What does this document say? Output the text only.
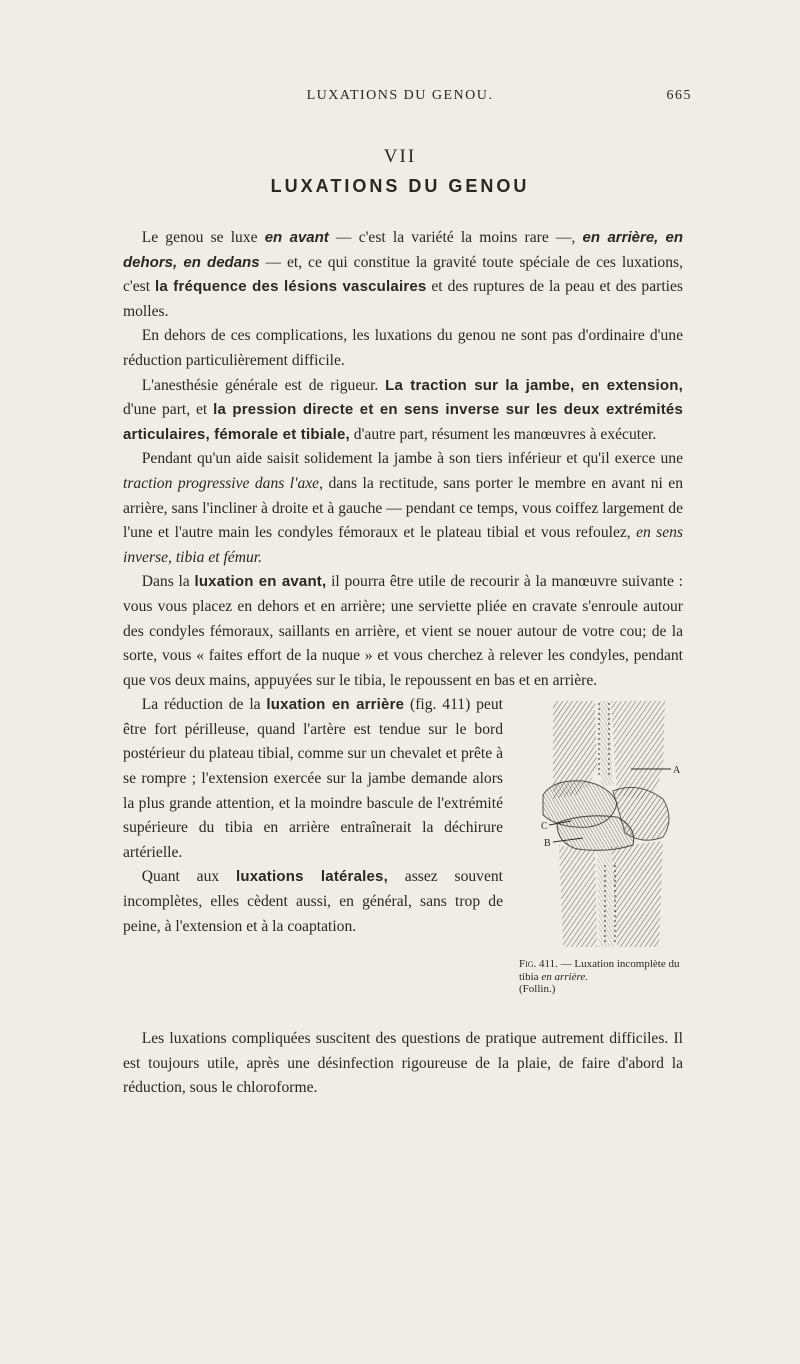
LUXATIONS DU GENOU.	665
VII
LUXATIONS DU GENOU

Le genou se luxe en avant — c'est la variété la moins rare —, en arrière, en dehors, en dedans — et, ce qui constitue la gravité toute spéciale de ces luxations, c'est la fréquence des lésions vasculaires et des ruptures de la peau et des parties molles.

En dehors de ces complications, les luxations du genou ne sont pas d'ordinaire d'une réduction particulièrement difficile.

L'anesthésie générale est de rigueur. La traction sur la jambe, en extension, d'une part, et la pression directe et en sens inverse sur les deux extrémités articulaires, fémorale et tibiale, d'autre part, résument les manœuvres à exécuter.

Pendant qu'un aide saisit solidement la jambe à son tiers inférieur et qu'il exerce une traction progressive dans l'axe, dans la rectitude, sans porter le membre en avant ni en arrière, sans l'incliner à droite et à gauche — pendant ce temps, vous coiffez largement de l'une et l'autre main les condyles fémoraux et le plateau tibial et vous refoulez, en sens inverse, tibia et fémur.

Dans la luxation en avant, il pourra être utile de recourir à la manœuvre suivante : vous vous placez en dehors et en arrière; une serviette pliée en cravate s'enroule autour des condyles fémoraux, saillants en arrière, et vient se nouer autour de votre cou; de la sorte, vous « faites effort de la nuque » et vous cherchez à relever les condyles, pendant que vos deux mains, appuyées sur le tibia, le repoussent en bas et en arrière.

A
C
B
Fig. 411. — Luxation incomplète du tibia en arrière.
(Follin.)

La réduction de la luxation en arrière (fig. 411) peut être fort périlleuse, quand l'artère est tendue sur le bord postérieur du plateau tibial, comme sur un chevalet et prête à se rompre ; l'extension exercée sur la jambe demande alors la plus grande attention, et la moindre bascule de l'extrémité supérieure du tibia en arrière entraînerait la déchirure artérielle.

Quant aux luxations latérales, assez souvent incomplètes, elles cèdent aussi, en général, sans trop de peine, à l'extension et à la coaptation.

Les luxations compliquées suscitent des questions de pratique autrement difficiles. Il est toujours utile, après une désinfection rigoureuse de la plaie, de faire d'abord la réduction, sous le chloroforme.
